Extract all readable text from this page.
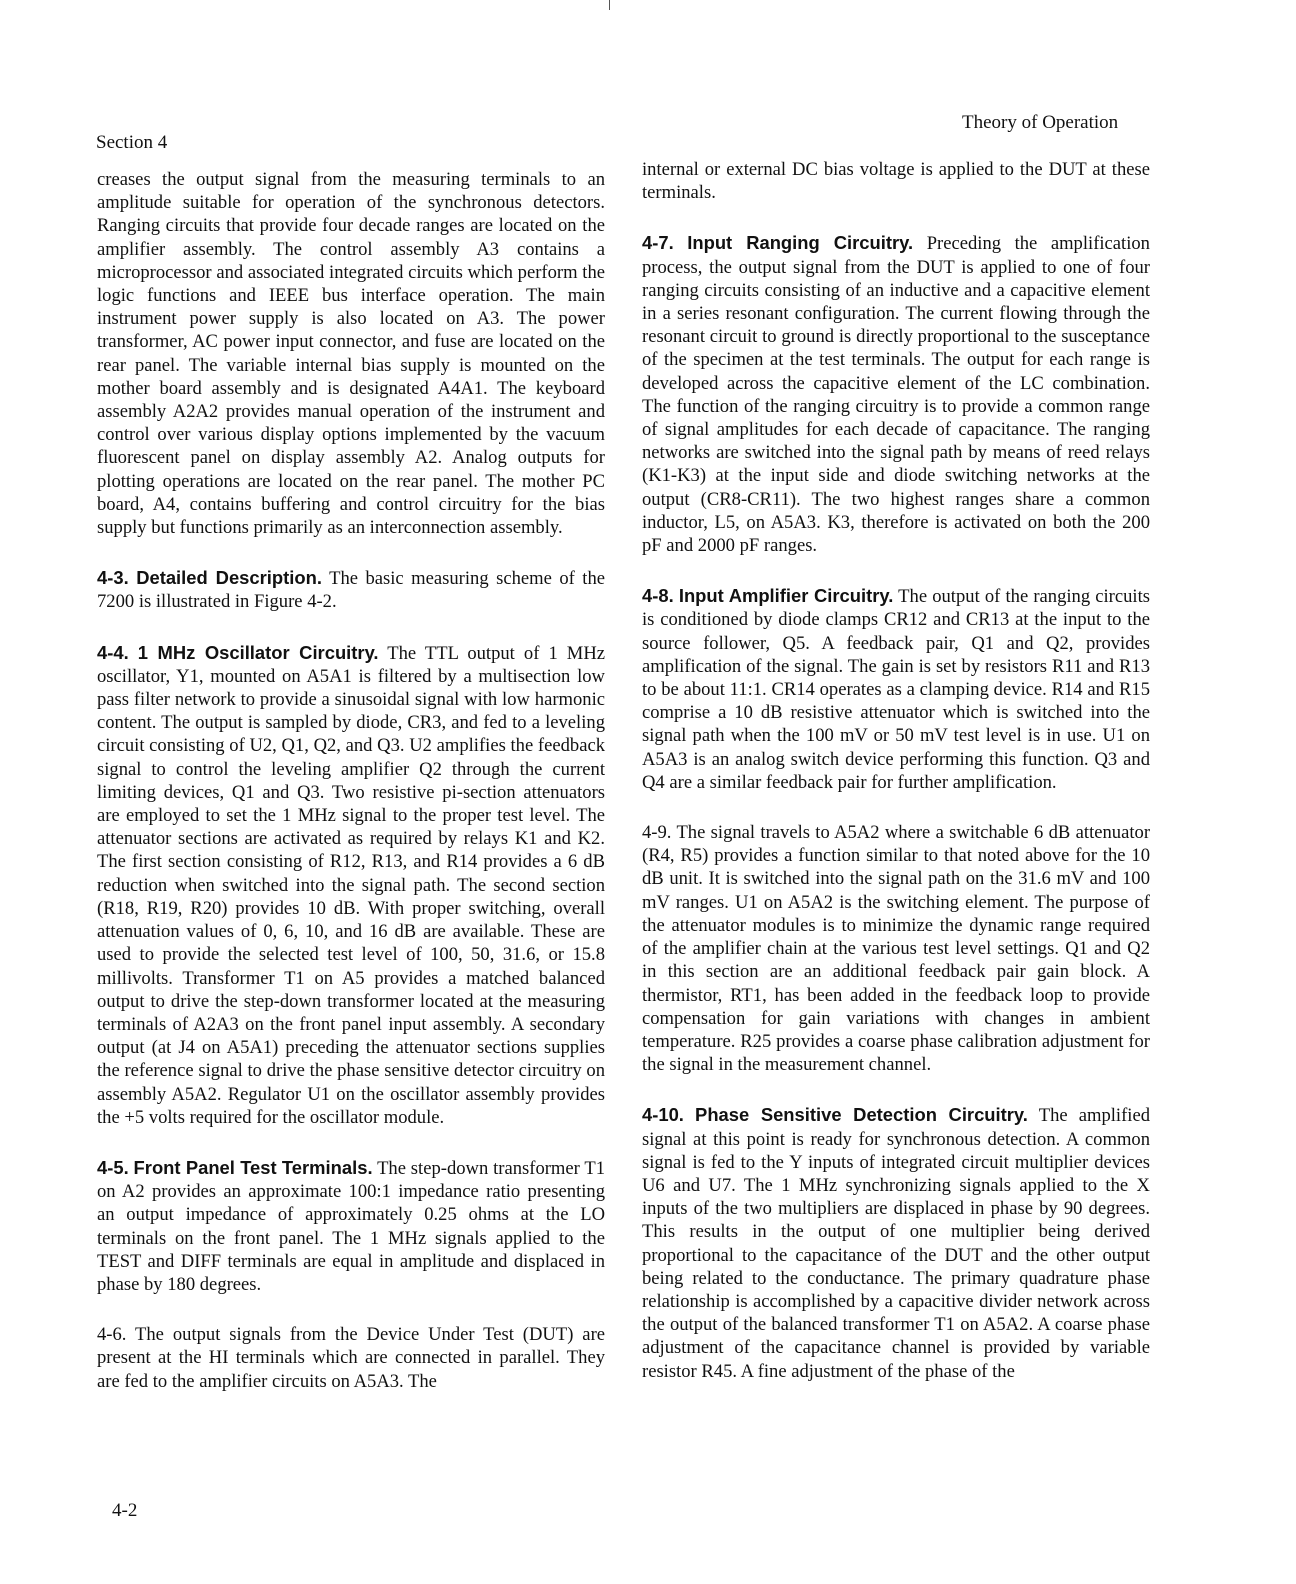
Section 4
Theory of Operation

creases the output signal from the measuring terminals to an amplitude suitable for operation of the synchronous detectors. Ranging circuits that provide four decade ranges are located on the amplifier assembly. The control assembly A3 contains a microprocessor and associated integrated circuits which perform the logic functions and IEEE bus interface operation. The main instrument power supply is also located on A3. The power transformer, AC power input connector, and fuse are located on the rear panel. The variable internal bias supply is mounted on the mother board assembly and is designated A4A1. The keyboard assembly A2A2 provides manual operation of the instrument and control over various display options implemented by the vacuum fluorescent panel on display assembly A2. Analog outputs for plotting operations are located on the rear panel. The mother PC board, A4, contains buffering and control circuitry for the bias supply but functions primarily as an interconnection assembly.

4-3. Detailed Description. The basic measuring scheme of the 7200 is illustrated in Figure 4-2.

4-4. 1 MHz Oscillator Circuitry. The TTL output of 1 MHz oscillator, Y1, mounted on A5A1 is filtered by a multisection low pass filter network to provide a sinusoidal signal with low harmonic content. The output is sampled by diode, CR3, and fed to a leveling circuit consisting of U2, Q1, Q2, and Q3. U2 amplifies the feedback signal to control the leveling amplifier Q2 through the current limiting devices, Q1 and Q3. Two resistive pi-section attenuators are employed to set the 1 MHz signal to the proper test level. The attenuator sections are activated as required by relays K1 and K2. The first section consisting of R12, R13, and R14 provides a 6 dB reduction when switched into the signal path. The second section (R18, R19, R20) provides 10 dB. With proper switching, overall attenuation values of 0, 6, 10, and 16 dB are available. These are used to provide the selected test level of 100, 50, 31.6, or 15.8 millivolts. Transformer T1 on A5 provides a matched balanced output to drive the step-down transformer located at the measuring terminals of A2A3 on the front panel input assembly. A secondary output (at J4 on A5A1) preceding the attenuator sections supplies the reference signal to drive the phase sensitive detector circuitry on assembly A5A2. Regulator U1 on the oscillator assembly provides the +5 volts required for the oscillator module.

4-5. Front Panel Test Terminals. The step-down transformer T1 on A2 provides an approximate 100:1 impedance ratio presenting an output impedance of approximately 0.25 ohms at the LO terminals on the front panel. The 1 MHz signals applied to the TEST and DIFF terminals are equal in amplitude and displaced in phase by 180 degrees.

4-6. The output signals from the Device Under Test (DUT) are present at the HI terminals which are connected in parallel. They are fed to the amplifier circuits on A5A3. The

internal or external DC bias voltage is applied to the DUT at these terminals.

4-7. Input Ranging Circuitry. Preceding the amplification process, the output signal from the DUT is applied to one of four ranging circuits consisting of an inductive and a capacitive element in a series resonant configuration. The current flowing through the resonant circuit to ground is directly proportional to the susceptance of the specimen at the test terminals. The output for each range is developed across the capacitive element of the LC combination. The function of the ranging circuitry is to provide a common range of signal amplitudes for each decade of capacitance. The ranging networks are switched into the signal path by means of reed relays (K1-K3) at the input side and diode switching networks at the output (CR8-CR11). The two highest ranges share a common inductor, L5, on A5A3. K3, therefore is activated on both the 200 pF and 2000 pF ranges.

4-8. Input Amplifier Circuitry. The output of the ranging circuits is conditioned by diode clamps CR12 and CR13 at the input to the source follower, Q5. A feedback pair, Q1 and Q2, provides amplification of the signal. The gain is set by resistors R11 and R13 to be about 11:1. CR14 operates as a clamping device. R14 and R15 comprise a 10 dB resistive attenuator which is switched into the signal path when the 100 mV or 50 mV test level is in use. U1 on A5A3 is an analog switch device performing this function. Q3 and Q4 are a similar feedback pair for further amplification.

4-9. The signal travels to A5A2 where a switchable 6 dB attenuator (R4, R5) provides a function similar to that noted above for the 10 dB unit. It is switched into the signal path on the 31.6 mV and 100 mV ranges. U1 on A5A2 is the switching element. The purpose of the attenuator modules is to minimize the dynamic range required of the amplifier chain at the various test level settings. Q1 and Q2 in this section are an additional feedback pair gain block. A thermistor, RT1, has been added in the feedback loop to provide compensation for gain variations with changes in ambient temperature. R25 provides a coarse phase calibration adjustment for the signal in the measurement channel.

4-10. Phase Sensitive Detection Circuitry. The amplified signal at this point is ready for synchronous detection. A common signal is fed to the Y inputs of integrated circuit multiplier devices U6 and U7. The 1 MHz synchronizing signals applied to the X inputs of the two multipliers are displaced in phase by 90 degrees. This results in the output of one multiplier being derived proportional to the capacitance of the DUT and the other output being related to the conductance. The primary quadrature phase relationship is accomplished by a capacitive divider network across the output of the balanced transformer T1 on A5A2. A coarse phase adjustment of the capacitance channel is provided by variable resistor R45. A fine adjustment of the phase of the

4-2
